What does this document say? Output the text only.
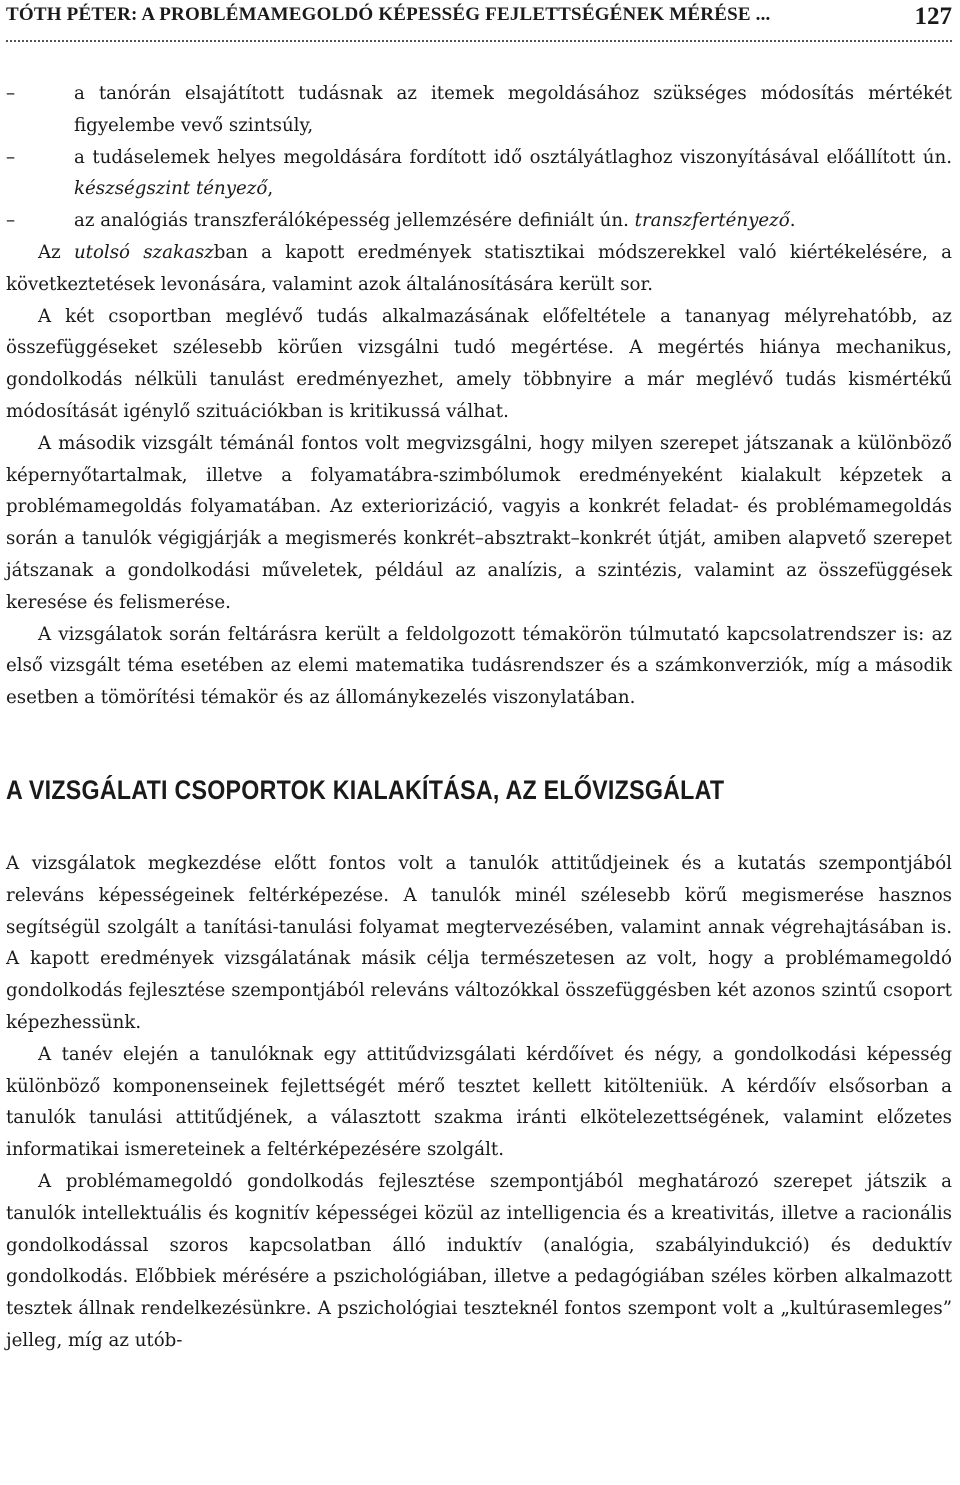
TÓTH PÉTER: A PROBLÉMAMEGOLDÓ KÉPESSÉG FEJLETTSÉGÉNEK MÉRÉSE ...	127
–	a tanórán elsajátított tudásnak az itemek megoldásához szükséges módosítás mértékét figyelembe vevő szintsúly,
–	a tudáselemek helyes megoldására fordított idő osztályátlaghoz viszonyításával előállított ún. készségszint tényező,
–	az analógiás transzferálóképesség jellemzésére definiált ún. transzfertényező.

Az utolsó szakaszban a kapott eredmények statisztikai módszerekkel való kiértékelésére, a következtetések levonására, valamint azok általánosítására került sor.

A két csoportban meglévő tudás alkalmazásának előfeltétele a tananyag mélyrehatóbb, az összefüggéseket szélesebb körűen vizsgálni tudó megértése. A megértés hiánya mechanikus, gondolkodás nélküli tanulást eredményezhet, amely többnyire a már meglévő tudás kismértékű módosítását igénylő szituációkban is kritikussá válhat.

A második vizsgált témánál fontos volt megvizsgálni, hogy milyen szerepet játszanak a különböző képernyőtartalmak, illetve a folyamatábra-szimbólumok eredményeként kialakult képzetek a problémamegoldás folyamatában. Az exteriorizáció, vagyis a konkrét feladat- és problémamegoldás során a tanulók végigjárják a megismerés konkrét–absztrakt–konkrét útját, amiben alapvető szerepet játszanak a gondolkodási műveletek, például az analízis, a szintézis, valamint az összefüggések keresése és felismerése.

A vizsgálatok során feltárásra került a feldolgozott témakörön túlmutató kapcsolatrendszer is: az első vizsgált téma esetében az elemi matematika tudásrendszer és a számkonverziók, míg a második esetben a tömörítési témakör és az állománykezelés viszonylatában.

A VIZSGÁLATI CSOPORTOK KIALAKÍTÁSA, AZ ELŐVIZSGÁLAT

A vizsgálatok megkezdése előtt fontos volt a tanulók attitűdjeinek és a kutatás szempontjából releváns képességeinek feltérképezése. A tanulók minél szélesebb körű megismerése hasznos segítségül szolgált a tanítási-tanulási folyamat megtervezésében, valamint annak végrehajtásában is. A kapott eredmények vizsgálatának másik célja természetesen az volt, hogy a problémamegoldó gondolkodás fejlesztése szempontjából releváns változókkal összefüggésben két azonos szintű csoport képezhessünk.

A tanév elején a tanulóknak egy attitűdvizsgálati kérdőívet és négy, a gondolkodási képesség különböző komponenseinek fejlettségét mérő tesztet kellett kitölteniük. A kérdőív elsősorban a tanulók tanulási attitűdjének, a választott szakma iránti elkötelezettségének, valamint előzetes informatikai ismereteinek a feltérképezésére szolgált.

A problémamegoldó gondolkodás fejlesztése szempontjából meghatározó szerepet játszik a tanulók intellektuális és kognitív képességei közül az intelligencia és a kreativitás, illetve a racionális gondolkodással szoros kapcsolatban álló induktív (analógia, szabályindukció) és deduktív gondolkodás. Előbbiek mérésére a pszichológiában, illetve a pedagógiában széles körben alkalmazott tesztek állnak rendelkezésünkre. A pszichológiai teszteknél fontos szempont volt a „kultúrasemleges” jelleg, míg az utób-
